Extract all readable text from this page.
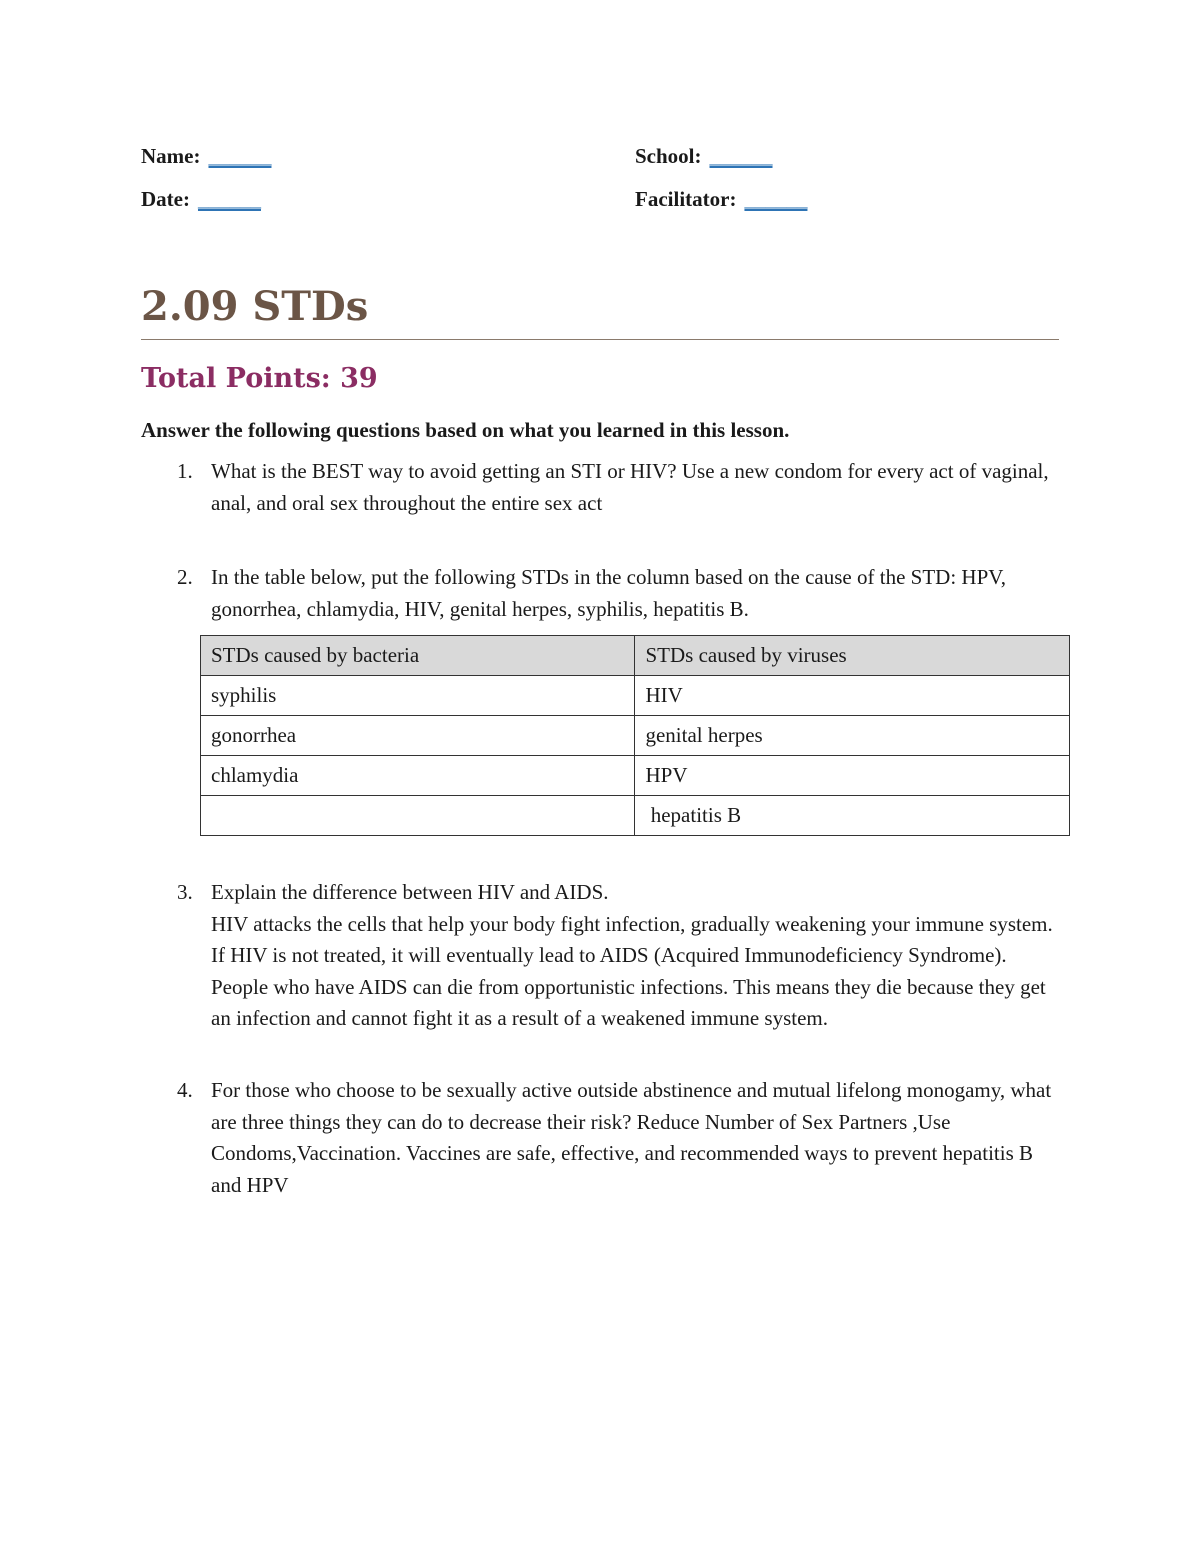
Name: ______	School: ______
Date: ______	Facilitator: ______
2.09 STDs
Total Points: 39

Answer the following questions based on what you learned in this lesson.

1. What is the BEST way to avoid getting an STI or HIV? Use a new condom for every act of vaginal, anal, and oral sex throughout the entire sex act
2. In the table below, put the following STDs in the column based on the cause of the STD: HPV, gonorrhea, chlamydia, HIV, genital herpes, syphilis, hepatitis B.
STDs caused by bacteria	STDs caused by viruses
syphilis	HIV
gonorrhea	genital herpes
chlamydia	HPV
	hepatitis B
3. Explain the difference between HIV and AIDS.
HIV attacks the cells that help your body fight infection, gradually weakening your immune system. If HIV is not treated, it will eventually lead to AIDS (Acquired Immunodeficiency Syndrome). People who have AIDS can die from opportunistic infections. This means they die because they get an infection and cannot fight it as a result of a weakened immune system.
4. For those who choose to be sexually active outside abstinence and mutual lifelong monogamy, what are three things they can do to decrease their risk? Reduce Number of Sex Partners ,Use Condoms,Vaccination. Vaccines are safe, effective, and recommended ways to prevent hepatitis B and HPV
